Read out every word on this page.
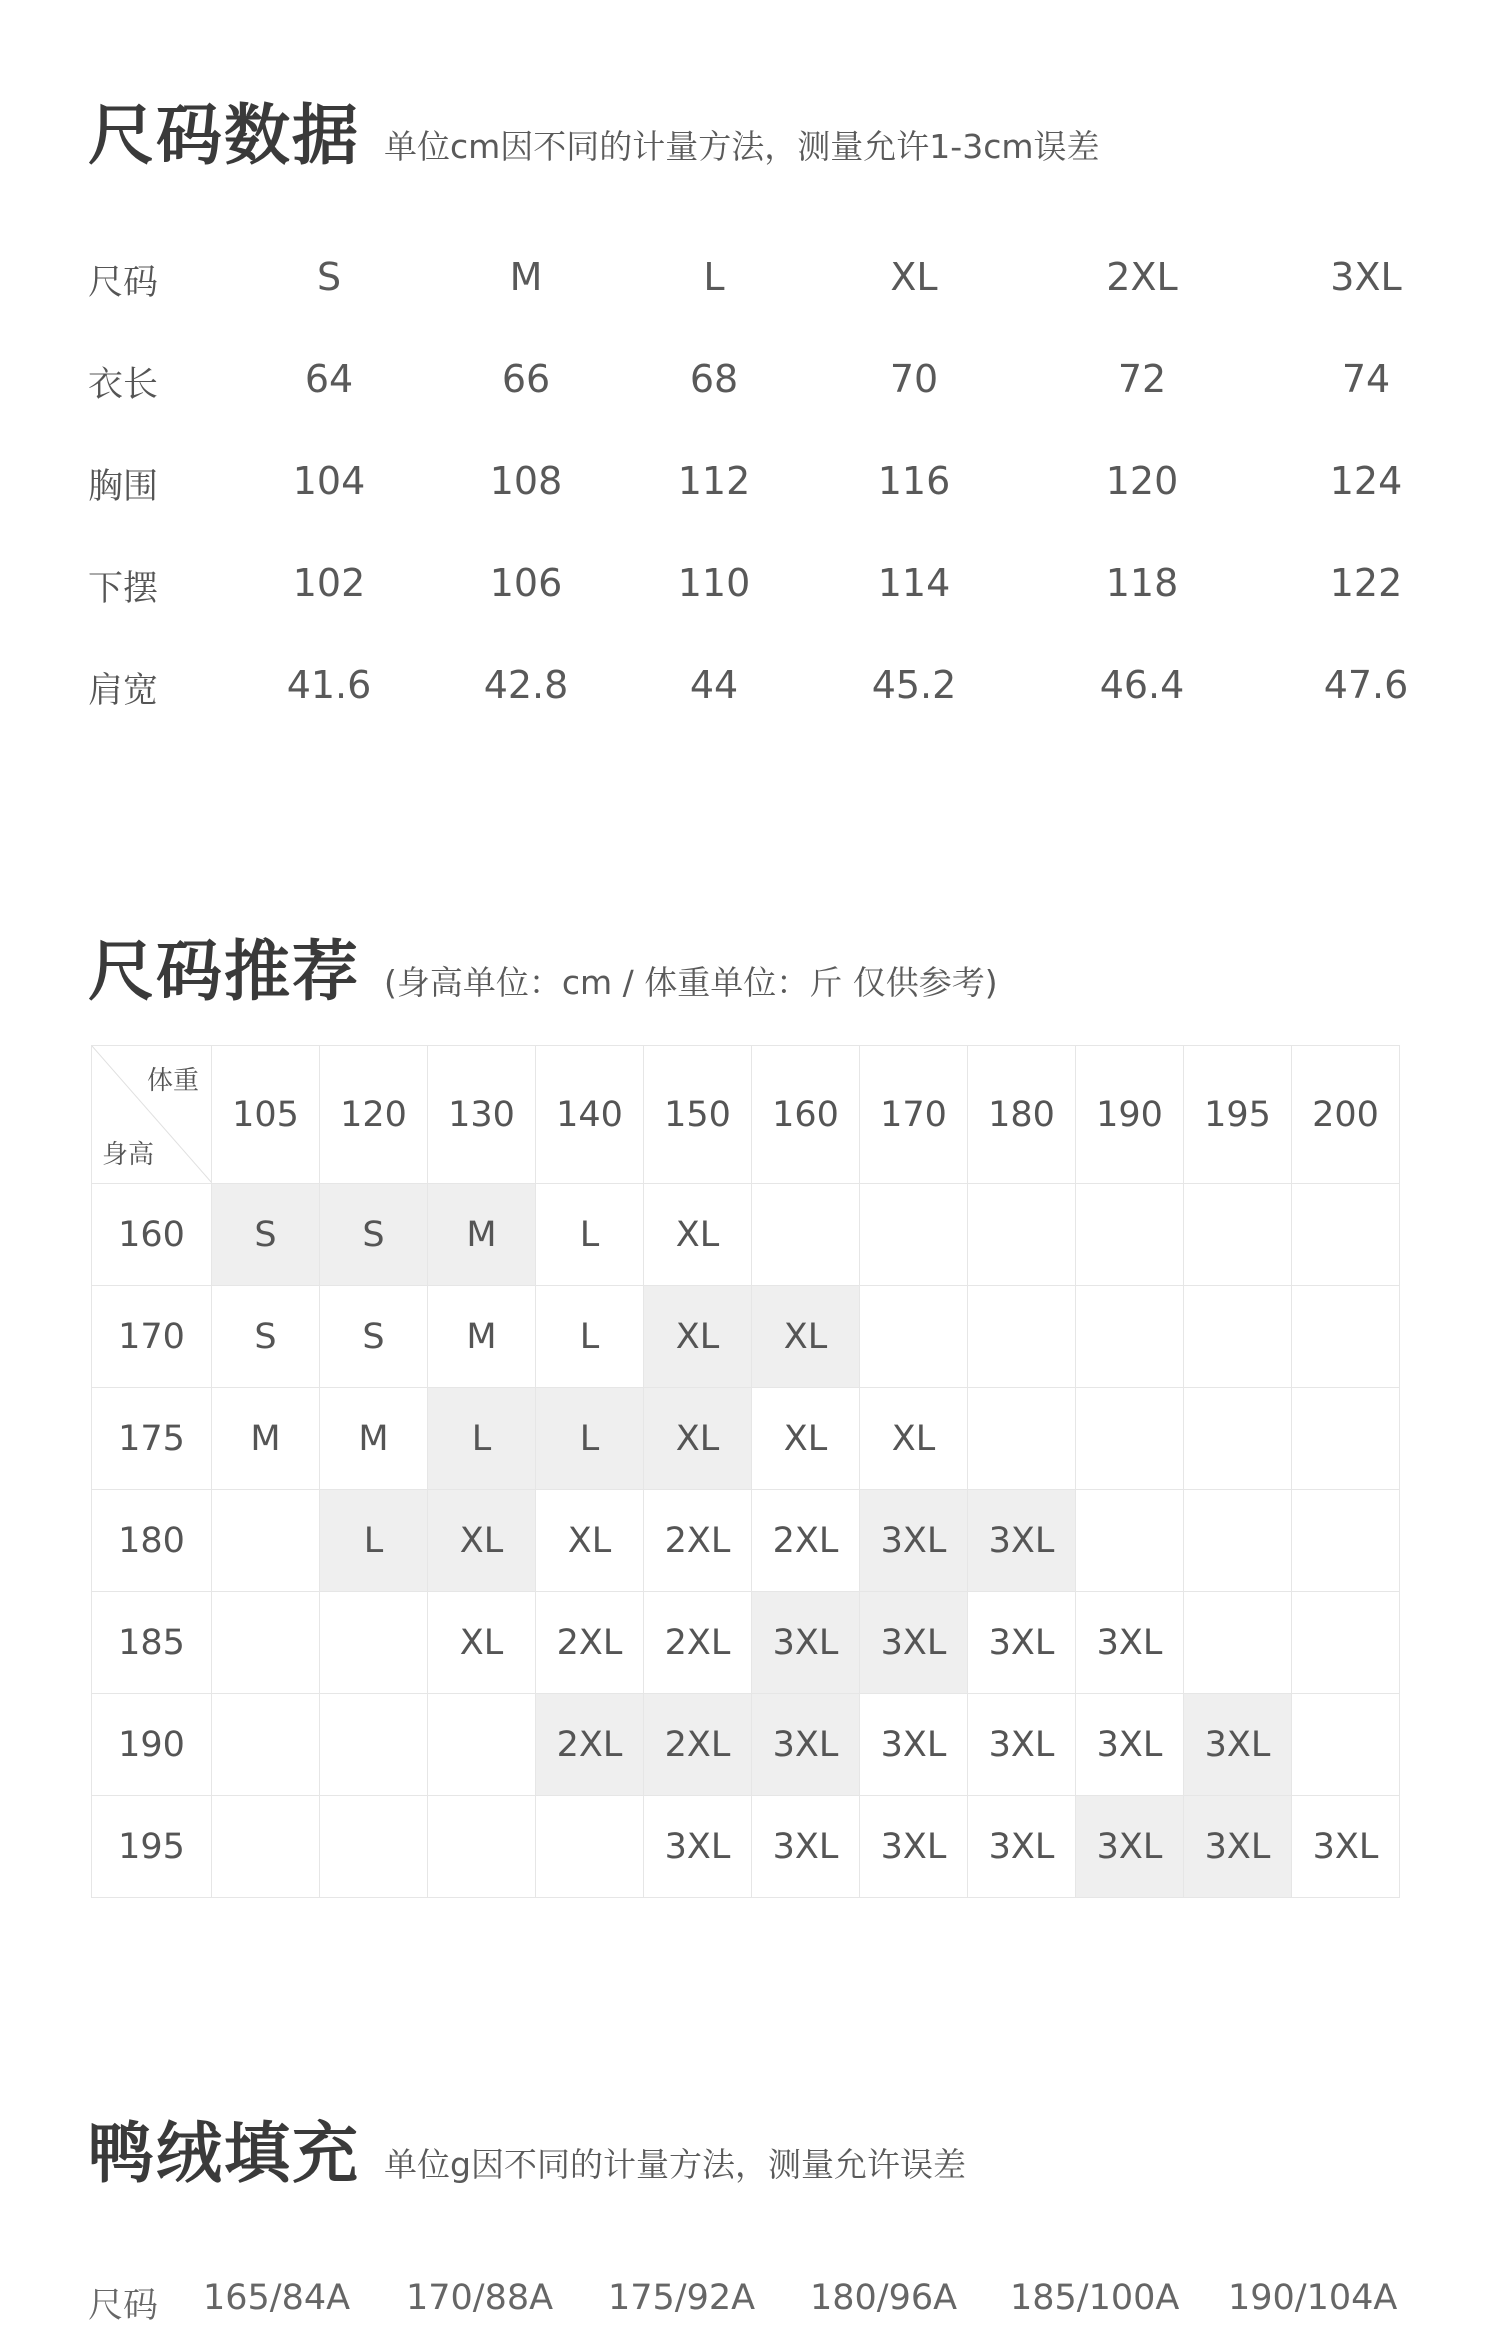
尺码数据 单位cm因不同的计量方法，测量允许1-3cm误差
尺码	S	M	L	XL	2XL	3XL
衣长	64	66	68	70	72	74
胸围	104	108	112	116	120	124
下摆	102	106	110	114	118	122
肩宽	41.6	42.8	44	45.2	46.4	47.6
尺码推荐 (身高单位：cm / 体重单位：斤 仅供参考)
体重
身高	105	120	130	140	150	160	170	180	190	195	200
160	S	S	M	L	XL						
170	S	S	M	L	XL	XL					
175	M	M	L	L	XL	XL	XL				
180		L	XL	XL	2XL	2XL	3XL	3XL			
185			XL	2XL	2XL	3XL	3XL	3XL	3XL		
190				2XL	2XL	3XL	3XL	3XL	3XL	3XL	
195					3XL	3XL	3XL	3XL	3XL	3XL	3XL
鸭绒填充 单位g因不同的计量方法，测量允许误差
尺码 165/84A 170/88A 175/92A 180/96A 185/100A 190/104A
